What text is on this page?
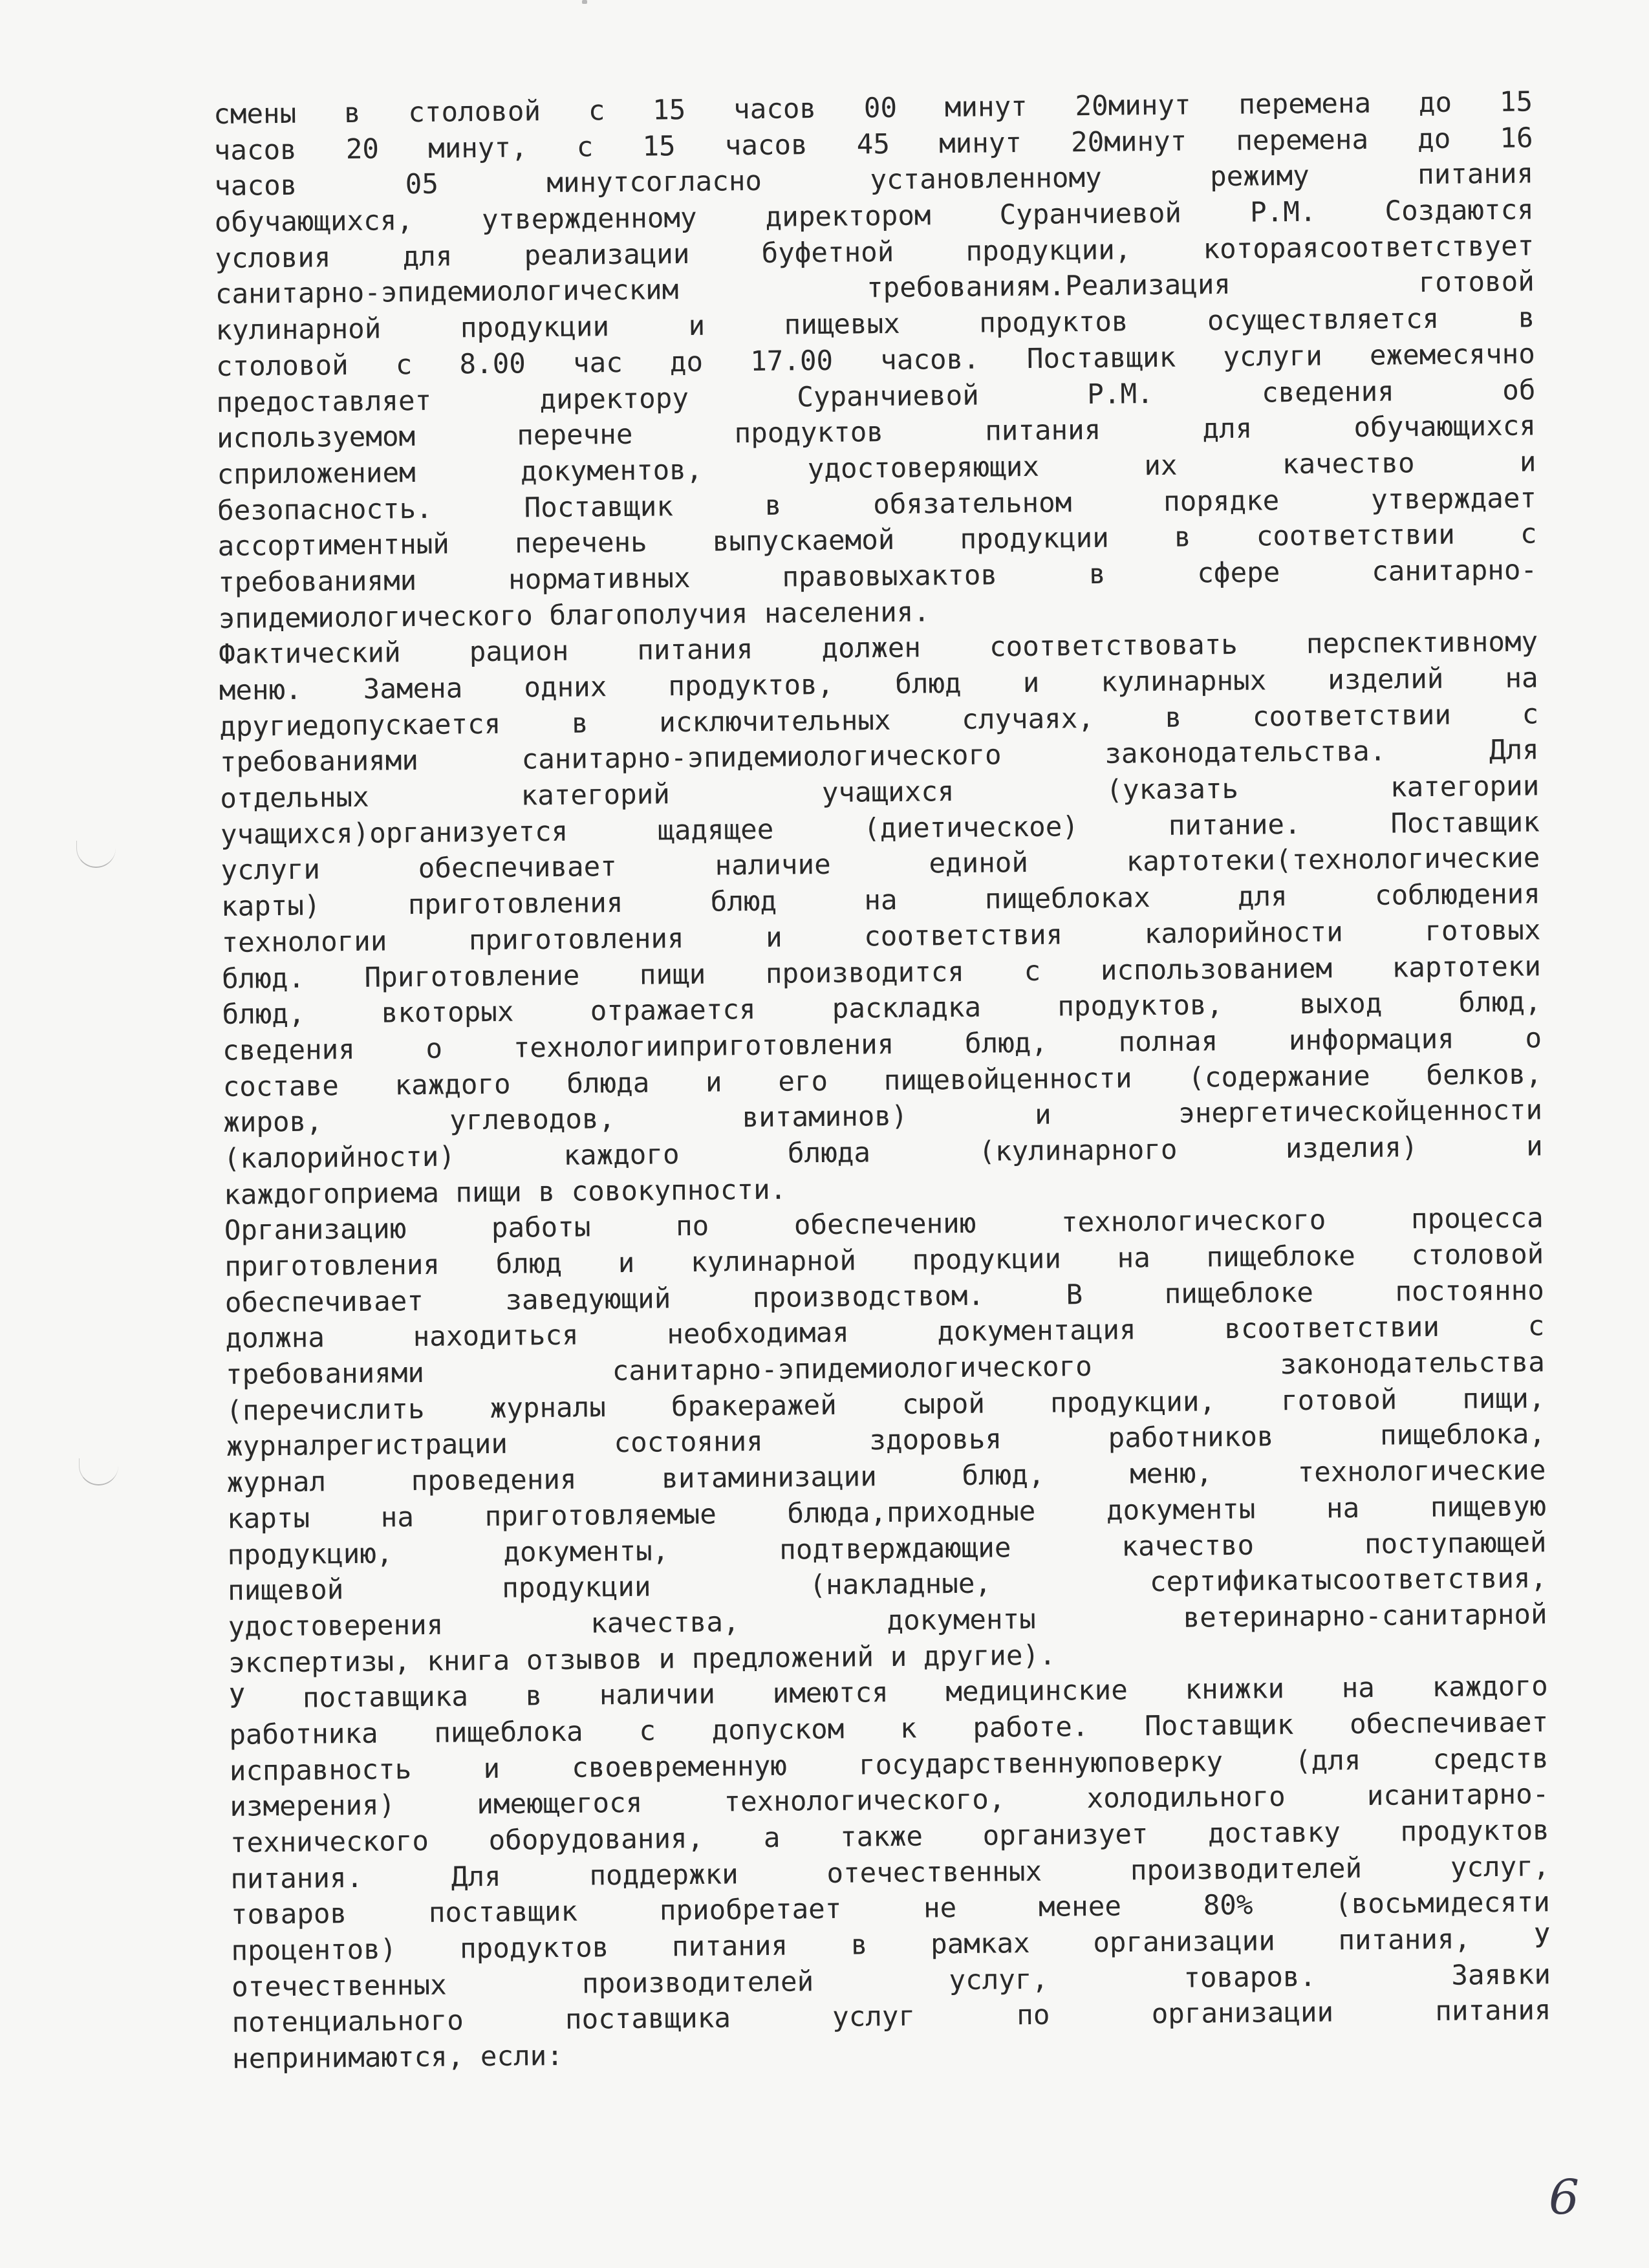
смены в столовой с 15 часов 00 минут 20минут перемена до 15
часов 20 минут, с 15 часов 45 минут 20минут перемена до 16
часов	05	минутсогласно	установленному	режиму	питания
обучающихся, утвержденному директором Суранчиевой Р.М. Создаются
условия	для	реализации	буфетной	продукции,	котораясоответствует
санитарно-эпидемиологическим	требованиям.Реализация	готовой
кулинарной	продукции	и	пищевых	продуктов	осуществляется	в
столовой с 8.00 час до 17.00 часов. Поставщик услуги ежемесячно
предоставляет	директору	Суранчиевой	Р.М.	сведения	об
используемом	перечне	продуктов	питания	для	обучающихся
сприложением	документов,	удостоверяющих	их	качество	и
безопасность.	Поставщик	в	обязательном	порядке	утверждает
ассортиментный перечень выпускаемой продукции в соответствии с
требованиями	нормативных	правовыхактов	в	сфере	санитарно-
эпидемиологического благополучия населения.
Фактический рацион питания должен соответствовать перспективному
меню. Замена одних продуктов, блюд и кулинарных изделий на
другиедопускается	в	исключительных	случаях,	в	соответствии	с
требованиями	санитарно-эпидемиологического	законодательства.	Для
отдельных	категорий	учащихся	(указать	категории
учащихся)организуется	щадящее	(диетическое)	питание.	Поставщик
услуги	обеспечивает	наличие	единой	картотеки(технологические
карты)	приготовления	блюд	на	пищеблоках	для	соблюдения
технологии	приготовления	и	соответствия	калорийности	готовых
блюд. Приготовление пищи производится с использованием картотеки
блюд,	вкоторых	отражается	раскладка	продуктов,	выход	блюд,
сведения	о	технологииприготовления	блюд,	полная	информация	о
составе каждого блюда и его пищевойценности (содержание белков,
жиров,	углеводов,	витаминов)	и	энергетическойценности
(калорийности)	каждого	блюда	(кулинарного	изделия)	и
каждогоприема пищи в совокупности.
Организацию	работы	по	обеспечению	технологического	процесса
приготовления блюд и кулинарной продукции на пищеблоке столовой
обеспечивает	заведующий	производством.	В	пищеблоке	постоянно
должна	находиться	необходимая	документация	всоответствии	с
требованиями	санитарно-эпидемиологического	законодательства
(перечислить журналы бракеражей сырой продукции, готовой пищи,
журналрегистрации	состояния	здоровья	работников	пищеблока,
журнал	проведения	витаминизации	блюд,	меню,	технологические
карты	на	приготовляемые	блюда,приходные	документы	на	пищевую
продукцию,	документы,	подтверждающие	качество	поступающей
пищевой	продукции	(накладные,	сертификатысоответствия,
удостоверения	качества,	документы	ветеринарно-санитарной
экспертизы, книга отзывов и предложений и другие).
У поставщика в наличии имеются медицинские книжки на каждого
работника пищеблока с допуском к работе. Поставщик обеспечивает
исправность	и	своевременную	государственнуюповерку	(для	средств
измерения)	имеющегося	технологического,	холодильного	исанитарно-
технического оборудования, а также организует доставку продуктов
питания.	Для	поддержки	отечественных	производителей	услуг,
товаров	поставщик	приобретает	не	менее	80%	(восьмидесяти
процентов) продуктов питания в рамках организации питания, У
отечественных	производителей	услуг,	товаров.	Заявки
потенциального	поставщика	услуг	по	организации	питания
непринимаются, если:
6
